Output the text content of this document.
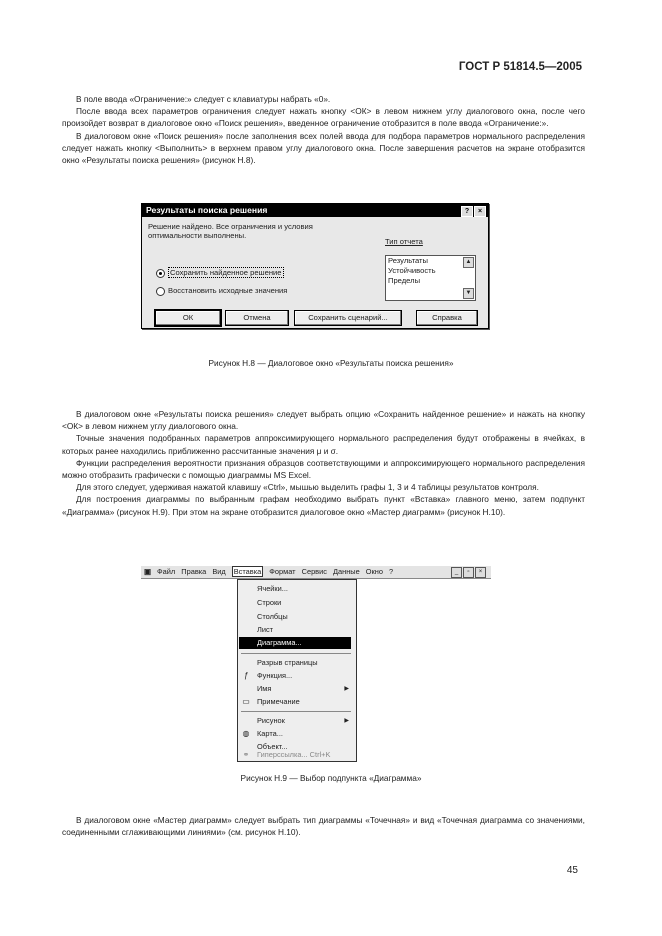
ГОСТ Р 51814.5—2005

В поле ввода «Ограничение:» следует с клавиатуры набрать «0».

После ввода всех параметров ограничения следует нажать кнопку <ОК> в левом нижнем углу диалогового окна, после чего произойдет возврат в диалоговое окно «Поиск решения», введенное ограничение отобразится в поле ввода «Ограничение:».

В диалоговом окне «Поиск решения» после заполнения всех полей ввода для подбора параметров нормального распределения следует нажать кнопку <Выполнить> в верхнем правом углу диалогового окна. После завершения расчетов на экране отобразится окно «Результаты поиска решения» (рисунок Н.8).

Результаты поиска решения	?	×
Решение найдено. Все ограничения и условия
оптимальности выполнены.
Тип отчета
Результаты
Устойчивость
Пределы
▲
▼
Сохранить найденное решение
Восстановить исходные значения
ОК	Отмена	Сохранить сценарий...	Справка
Рисунок Н.8 — Диалоговое окно «Результаты поиска решения»

В диалоговом окне «Результаты поиска решения» следует выбрать опцию «Сохранить найденное решение» и нажать на кнопку <ОК> в левом нижнем углу диалогового окна.

Точные значения подобранных параметров аппроксимирующего нормального распределения будут отображены в ячейках, в которых ранее находились приближенно рассчитанные значения μ и σ.

Функции распределения вероятности признания образцов соответствующими и аппроксимирующего нормального распределения можно отобразить графически с помощью диаграммы MS Excel.

Для этого следует, удерживая нажатой клавишу «Ctrl», мышью выделить графы 1, 3 и 4 таблицы результатов контроля.

Для построения диаграммы по выбранным графам необходимо выбрать пункт «Вставка» главного меню, затем подпункт «Диаграмма» (рисунок Н.9). При этом на экране отобразится диалоговое окно «Мастер диаграмм» (рисунок Н.10).

▣ Файл Правка Вид Вставка Формат Сервис Данные Окно ?	_	▫	×
Ячейки...
Строки
Столбцы
Лист
Диаграмма...
Разрыв страницы
ƒ	Функция...
Имя	▶
▭ Примечание
Рисунок	▶
◍ Карта...
Объект...
⚭ Гиперссылка... Ctrl+K
Рисунок Н.9 — Выбор подпункта «Диаграмма»

В диалоговом окне «Мастер диаграмм» следует выбрать тип диаграммы «Точечная» и вид «Точечная диаграмма со значениями, соединенными сглаживающими линиями» (см. рисунок Н.10).

45
